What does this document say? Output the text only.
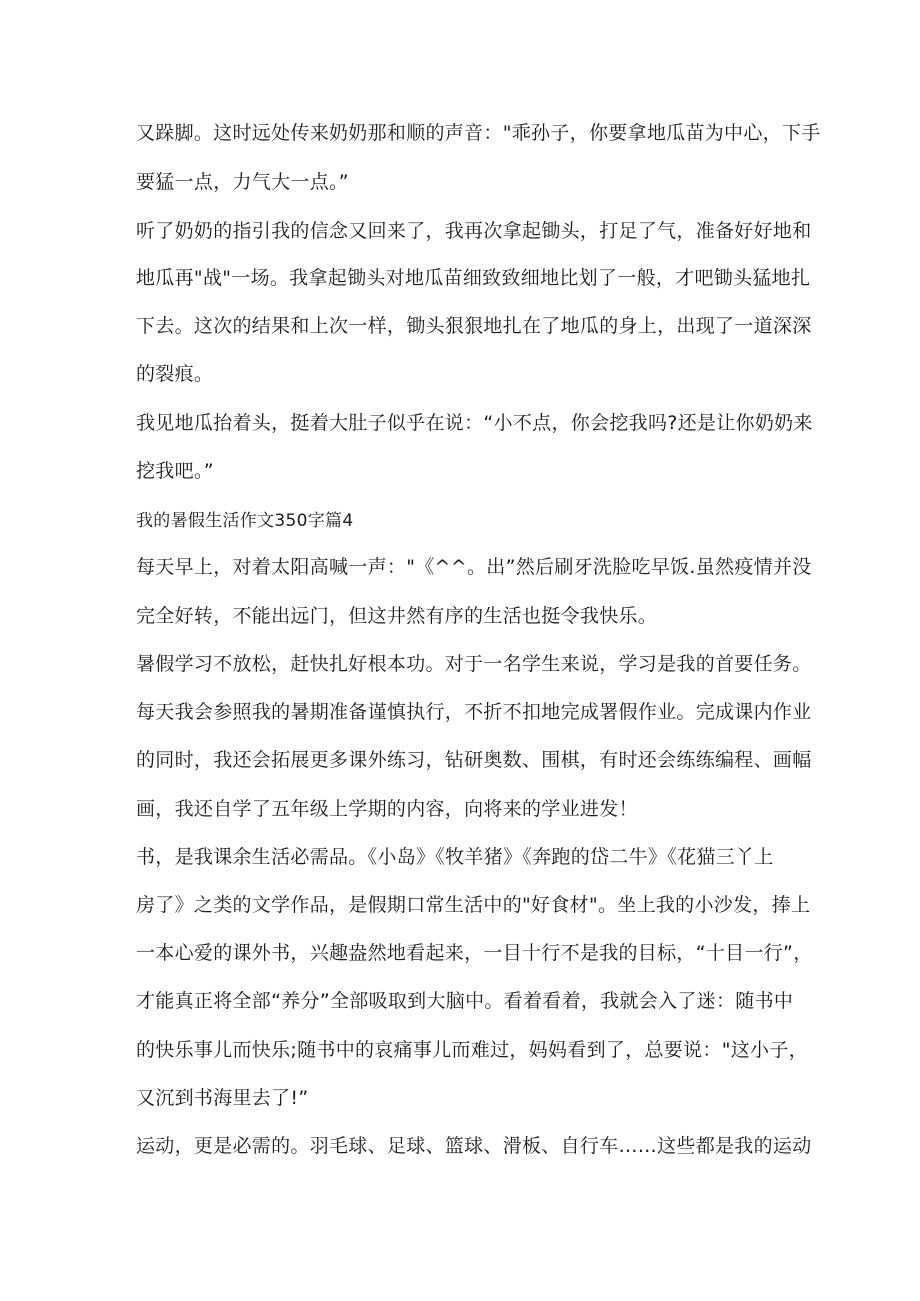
又跺脚。这时远处传来奶奶那和顺的声音："乖孙子，你要拿地瓜苗为中心，下手
要猛一点，力气大一点。”
听了奶奶的指引我的信念又回来了，我再次拿起锄头，打足了气，准备好好地和
地瓜再"战"一场。我拿起锄头对地瓜苗细致致细地比划了一般，才吧锄头猛地扎
下去。这次的结果和上次一样，锄头狠狠地扎在了地瓜的身上，出现了一道深深
的裂痕。
我见地瓜抬着头，挺着大肚子似乎在说：“小不点，你会挖我吗?还是让你奶奶来
挖我吧。”
我的暑假生活作文350字篇4
每天早上，对着太阳高喊一声："《^^。出”然后刷牙洗脸吃早饭.虽然疫情并没
完全好转，不能出远门，但这井然有序的生活也挺令我快乐。
暑假学习不放松，赶快扎好根本功。对于一名学生来说，学习是我的首要任务。
每天我会参照我的暑期准备谨慎执行，不折不扣地完成署假作业。完成课内作业
的同时，我还会拓展更多课外练习，钻研奥数、围棋，有时还会练练编程、画幅
画，我还自学了五年级上学期的内容，向将来的学业进发！
书，是我课余生活必需品。《小岛》《牧羊猪》《奔跑的岱二牛》《花猫三丫上
房了》之类的文学作品，是假期口常生活中的"好食材"。坐上我的小沙发，捧上
一本心爱的课外书，兴趣盎然地看起来，一目十行不是我的目标，“十目一行”，
才能真正将全部“养分”全部吸取到大脑中。看着看着，我就会入了迷：随书中
的快乐事儿而快乐;随书中的哀痛事儿而难过，妈妈看到了，总要说："这小子，
又沉到书海里去了!”
运动，更是必需的。羽毛球、足球、篮球、滑板、自行车……这些都是我的运动
